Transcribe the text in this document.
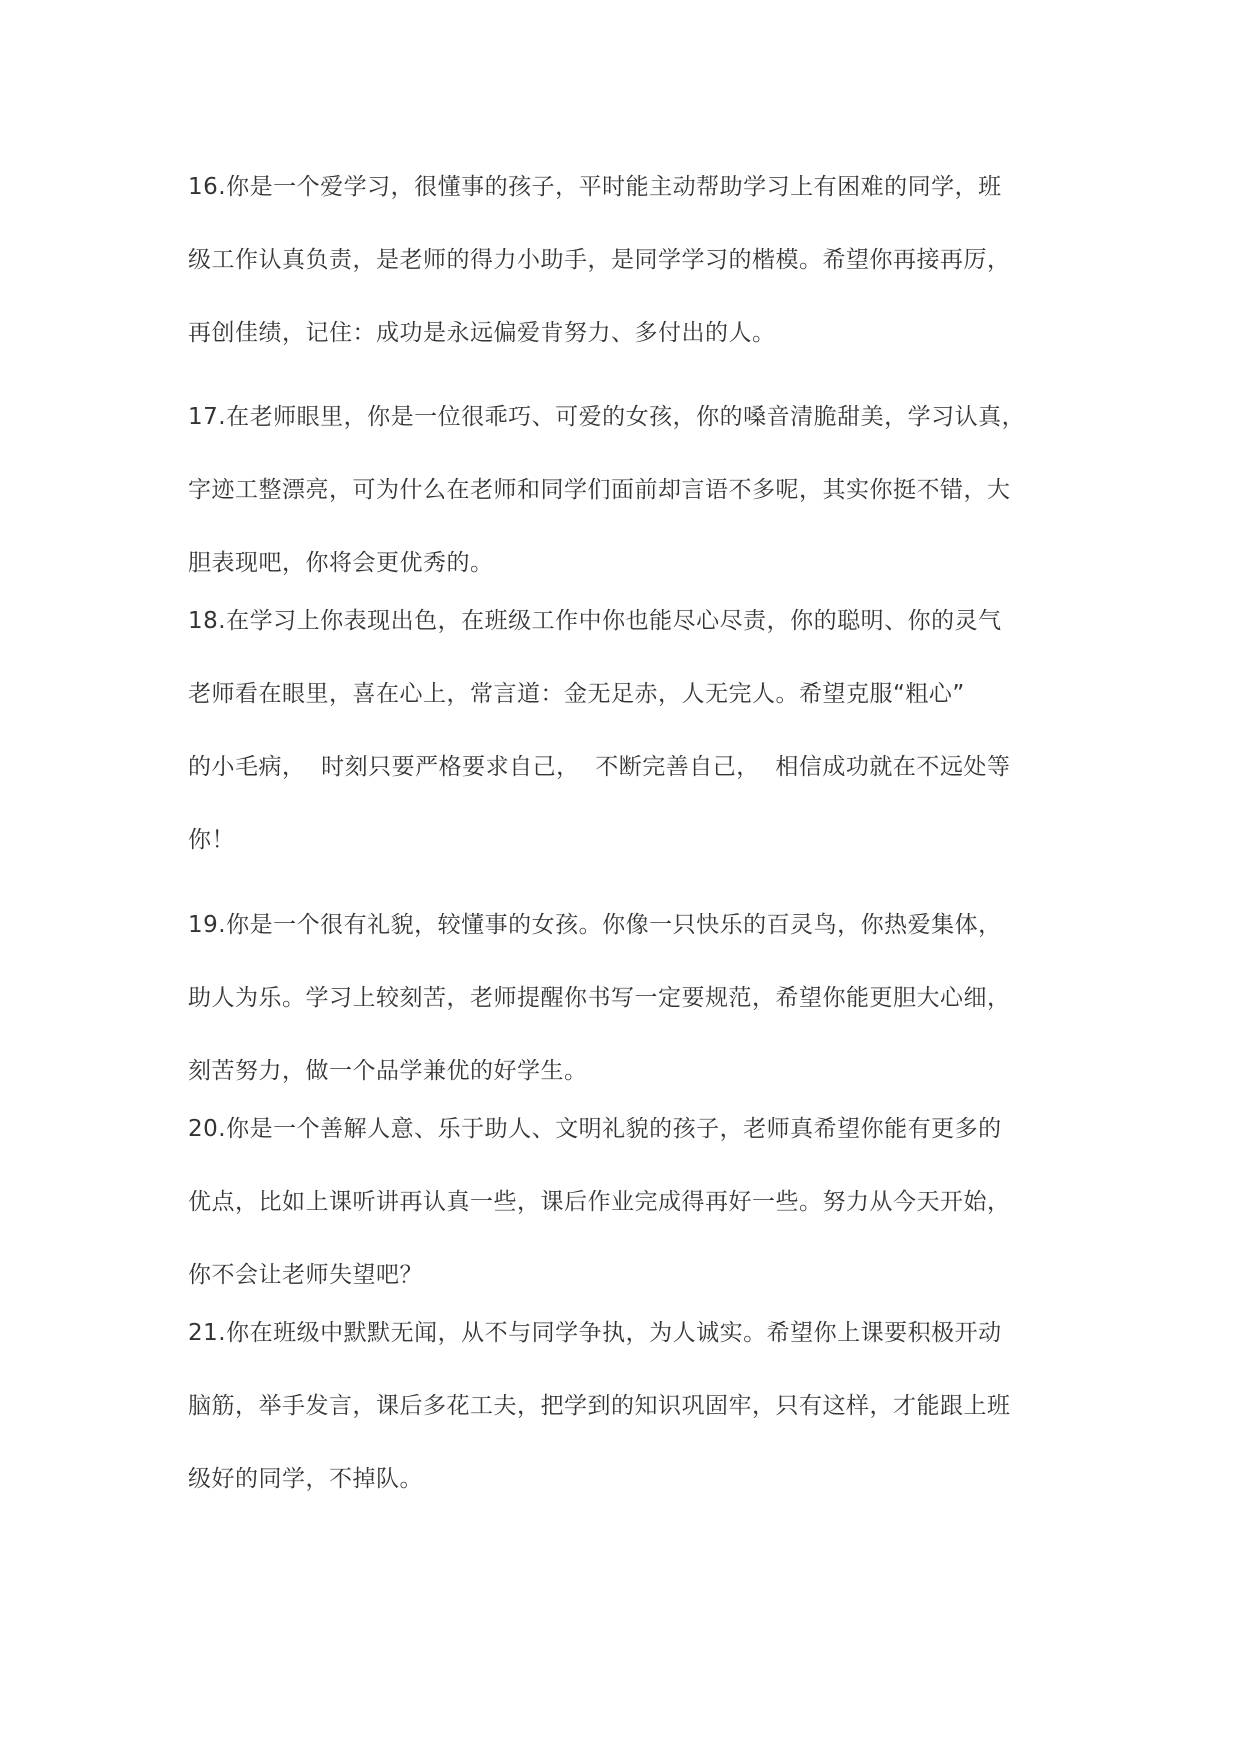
16.你是一个爱学习，很懂事的孩子，平时能主动帮助学习上有困难的同学，班
级工作认真负责，是老师的得力小助手，是同学学习的楷模。希望你再接再厉，
再创佳绩，记住：成功是永远偏爱肯努力、多付出的人。
17.在老师眼里，你是一位很乖巧、可爱的女孩，你的嗓音清脆甜美，学习认真，
字迹工整漂亮，可为什么在老师和同学们面前却言语不多呢，其实你挺不错，大
胆表现吧，你将会更优秀的。
18.在学习上你表现出色，在班级工作中你也能尽心尽责，你的聪明、你的灵气
老师看在眼里，喜在心上，常言道：金无足赤，人无完人。希望克服“粗心”
的小毛病，  时刻只要严格要求自己，  不断完善自己，  相信成功就在不远处等
你！
19.你是一个很有礼貌，较懂事的女孩。你像一只快乐的百灵鸟，你热爱集体，
助人为乐。学习上较刻苦，老师提醒你书写一定要规范，希望你能更胆大心细，
刻苦努力，做一个品学兼优的好学生。
20.你是一个善解人意、乐于助人、文明礼貌的孩子，老师真希望你能有更多的
优点，比如上课听讲再认真一些，课后作业完成得再好一些。努力从今天开始，
你不会让老师失望吧？
21.你在班级中默默无闻，从不与同学争执，为人诚实。希望你上课要积极开动
脑筋，举手发言，课后多花工夫，把学到的知识巩固牢，只有这样，才能跟上班
级好的同学，不掉队。
